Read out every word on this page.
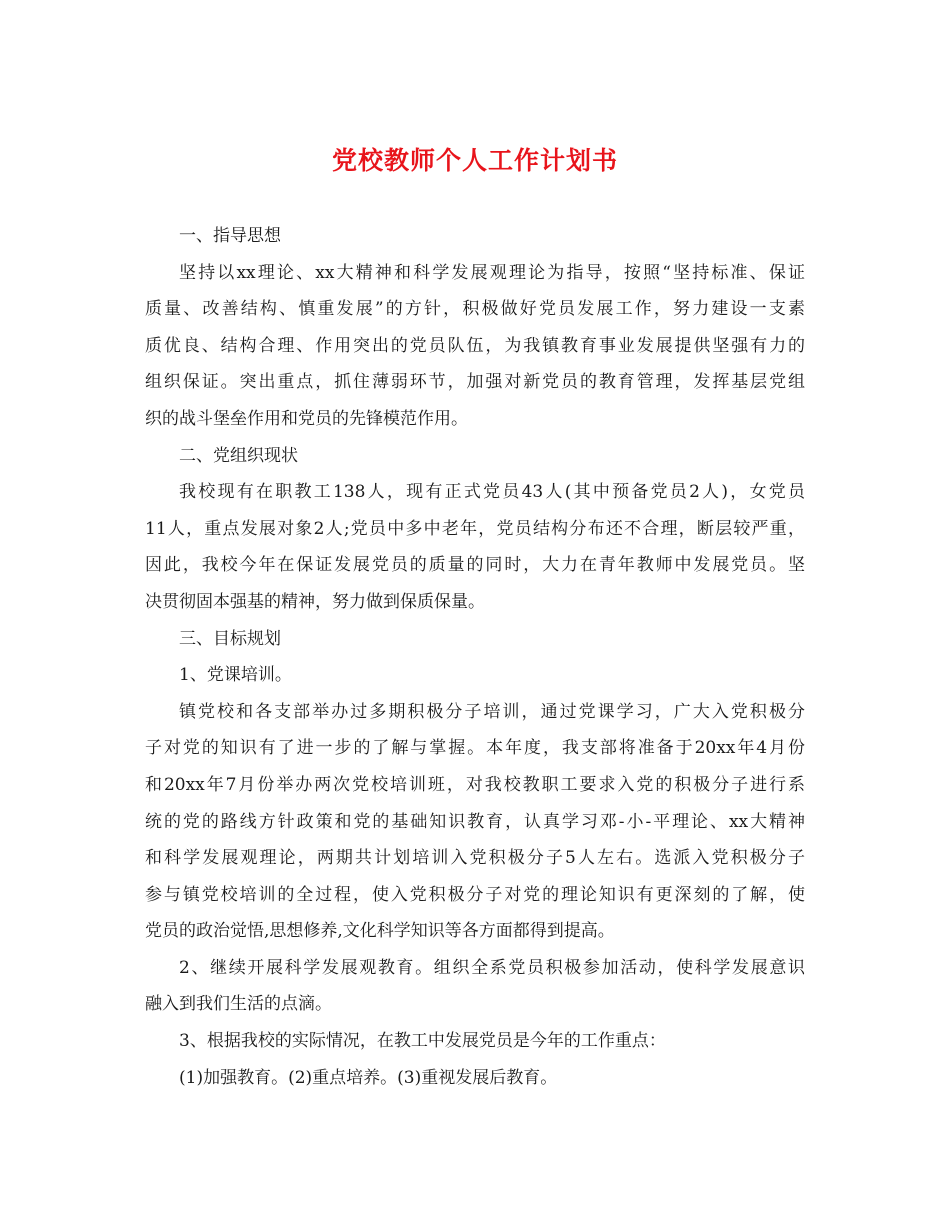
党校教师个人工作计划书
一、指导思想
坚持以xx理论、xx大精神和科学发展观理论为指导，按照“坚持标准、保证
质量、改善结构、慎重发展”的方针，积极做好党员发展工作，努力建设一支素
质优良、结构合理、作用突出的党员队伍，为我镇教育事业发展提供坚强有力的
组织保证。突出重点，抓住薄弱环节，加强对新党员的教育管理，发挥基层党组
织的战斗堡垒作用和党员的先锋模范作用。
二、党组织现状
我校现有在职教工138人，现有正式党员43人(其中预备党员2人)，女党员
11人，重点发展对象2人;党员中多中老年，党员结构分布还不合理，断层较严重，
因此，我校今年在保证发展党员的质量的同时，大力在青年教师中发展党员。坚
决贯彻固本强基的精神，努力做到保质保量。
三、目标规划
1、党课培训。
镇党校和各支部举办过多期积极分子培训，通过党课学习，广大入党积极分
子对党的知识有了进一步的了解与掌握。本年度，我支部将准备于20xx年4月份
和20xx年7月份举办两次党校培训班，对我校教职工要求入党的积极分子进行系
统的党的路线方针政策和党的基础知识教育，认真学习邓-小-平理论、xx大精神
和科学发展观理论，两期共计划培训入党积极分子5人左右。选派入党积极分子
参与镇党校培训的全过程，使入党积极分子对党的理论知识有更深刻的了解，使
党员的政治觉悟,思想修养,文化科学知识等各方面都得到提高。
2、继续开展科学发展观教育。组织全系党员积极参加活动，使科学发展意识
融入到我们生活的点滴。
3、根据我校的实际情况，在教工中发展党员是今年的工作重点：
(1)加强教育。(2)重点培养。(3)重视发展后教育。
